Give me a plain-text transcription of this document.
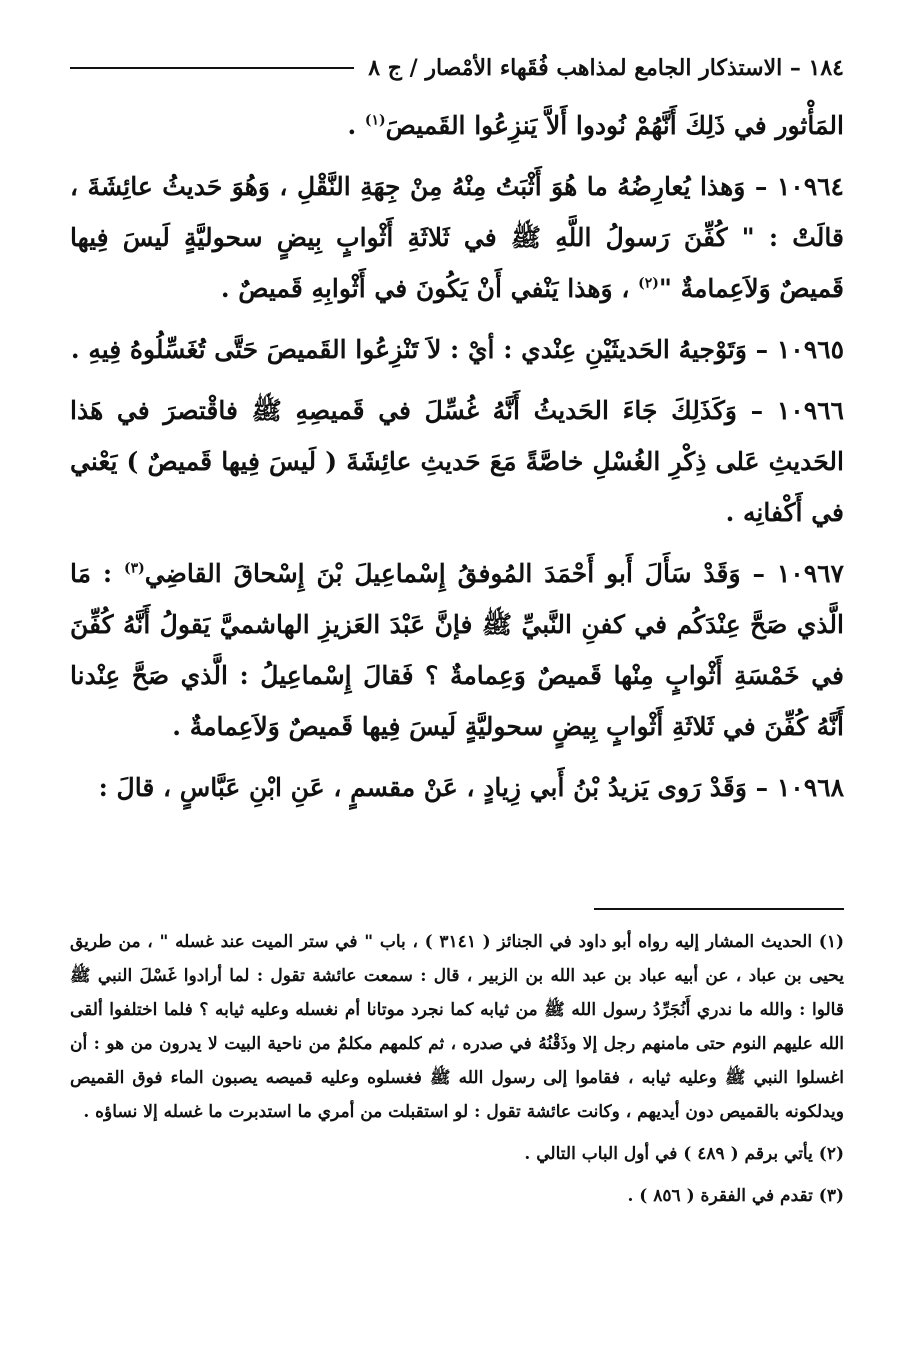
١٨٤ – الاستذكار الجامع لمذاهب فُقَهاء الأمْصار / ج ٨

المَأْثور في ذَلِكَ أَنَّهُمْ نُودوا أَلاَّ يَنزِعُوا القَميصَ$^{(١)}$ .

١٠٩٦٤ – وَهذا يُعارِضُهُ ما هُوَ أَثْبَتُ مِنْهُ مِنْ جِهَةِ النَّقْلِ ، وَهُوَ حَديثُ عائِشَةَ ، قالَتْ : " كُفِّنَ رَسولُ اللَّهِ ﷺ في ثَلاثَةِ أَثْوابٍ بِيضٍ سحوليَّةٍ لَيسَ فِيها قَميصٌ وَلاَعِمامةٌ "$^{(٢)}$ ، وَهذا يَنْفي أَنْ يَكُونَ في أَثْوابِهِ قَميصٌ .

١٠٩٦٥ – وَتَوْجيهُ الحَديثَيْنِ عِنْدي : أيْ : لاَ تَنْزِعُوا القَميصَ حَتَّى تُغَسِّلُوهُ فِيهِ .

١٠٩٦٦ – وَكَذَلِكَ جَاءَ الحَديثُ أَنَّهُ غُسِّلَ في قَميصِهِ ﷺ فاقْتصرَ في هَذا الحَديثِ عَلى ذِكْرِ الغُسْلِ خاصَّةً مَعَ حَديثِ عائِشَةَ ( لَيسَ فِيها قَميصٌ ) يَعْني في أَكْفانِه .

١٠٩٦٧ – وَقَدْ سَأَلَ أَبو أَحْمَدَ المُوفقُ إِسْماعِيلَ بْنَ إِسْحاقَ القاضِي$^{(٣)}$ : مَا الَّذي صَحَّ عِنْدَكُم في كفنِ النَّبيِّ ﷺ فإنَّ عَبْدَ العَزيزِ الهاشميَّ يَقولُ أَنَّهُ كُفِّنَ في خَمْسَةِ أَثْوابٍ مِنْها قَميصٌ وَعِمامةٌ ؟ فَقالَ إِسْماعِيلُ : الَّذي صَحَّ عِنْدنا أَنَّهُ كُفِّنَ في ثَلاثَةِ أَثْوابٍ بِيضٍ سحوليَّةٍ لَيسَ فِيها قَميصٌ وَلاَعِمامةٌ .

١٠٩٦٨ – وَقَدْ رَوى يَزيدُ بْنُ أَبي زِيادٍ ، عَنْ مقسمٍ ، عَنِ ابْنِ عَبَّاسٍ ، قالَ :

(١) الحديث المشار إليه رواه أبو داود في الجنائز ( ٣١٤١ ) ، باب " في ستر الميت عند غسله " ، من طريق يحيى بن عباد ، عن أبيه عباد بن عبد الله بن الزبير ، قال : سمعت عائشة تقول : لما أرادوا غَسْلَ النبي ﷺ قالوا : والله ما ندري أَنُجَرِّدُ رسول الله ﷺ من ثيابه كما نجرد موتانا أم نغسله وعليه ثيابه ؟ فلما اختلفوا ألقى الله عليهم النوم حتى مامنهم رجل إلا وذَقْنُهُ في صدره ، ثم كلمهم مكلمٌ من ناحية البيت لا يدرون من هو : أن اغسلوا النبي ﷺ وعليه ثيابه ، فقاموا إلى رسول الله ﷺ فغسلوه وعليه قميصه يصبون الماء فوق القميص ويدلكونه بالقميص دون أيديهم ، وكانت عائشة تقول : لو استقبلت من أمري ما استدبرت ما غسله إلا نساؤه .

(٢) يأتي برقم ( ٤٨٩ ) في أول الباب التالي .

(٣) تقدم في الفقرة ( ٨٥٦ ) .
